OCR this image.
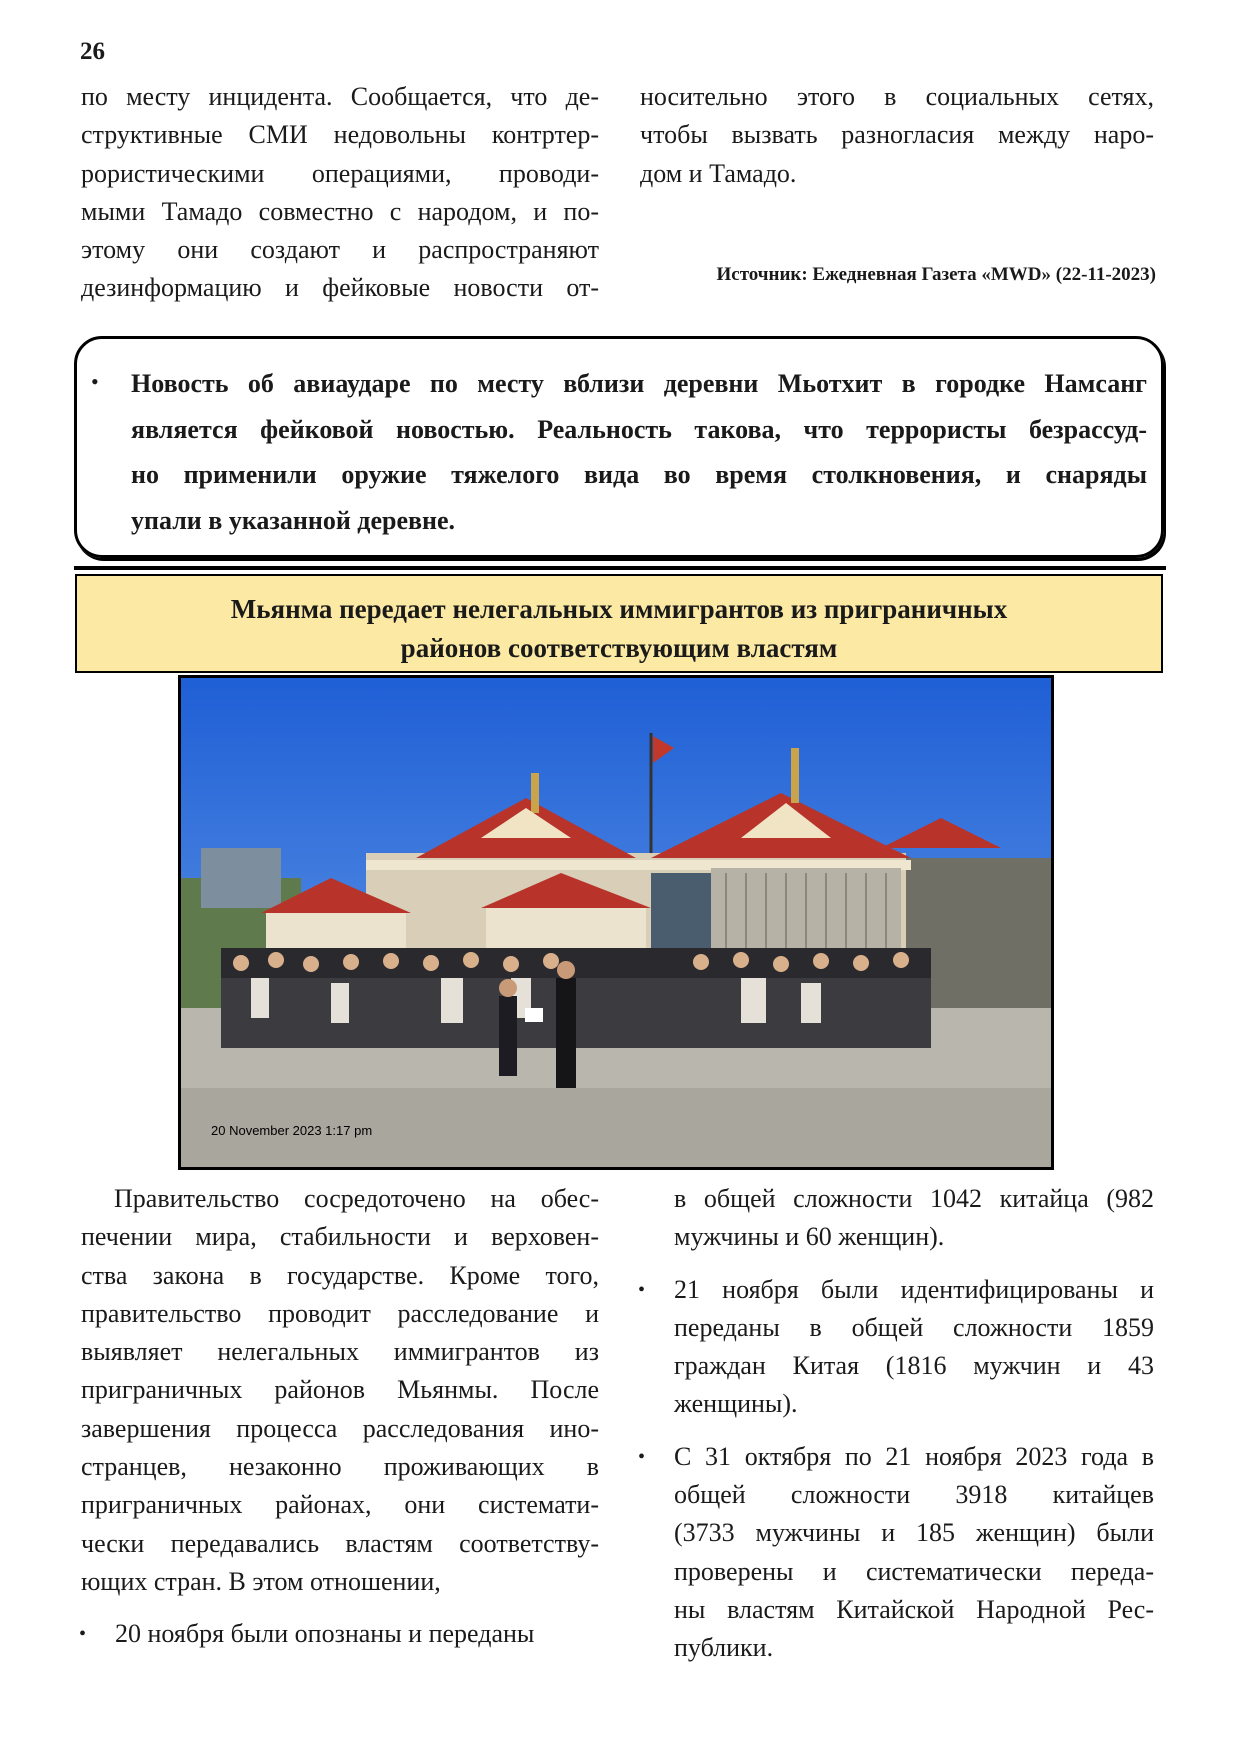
26
по месту инцидента. Сообщается, что де-
структивные СМИ недовольны контртер-
рористическими операциями, проводи-
мыми Тамадо совместно с народом, и по-
этому они создают и распространяют
дезинформацию и фейковые новости от-
носительно этого в социальных сетях,
чтобы вызвать разногласия между наро-
дом и Тамадо.
Источник: Ежедневная Газета «MWD» (22-11-2023)
• Новость об авиаударе по месту вблизи деревни Мьотхит в городке Намсанг
является фейковой новостью. Реальность такова, что террористы безрассуд-
но применили оружие тяжелого вида во время столкновения, и снаряды
упали в указанной деревне.
Мьянма передает нелегальных иммигрантов из приграничных
районов соответствующим властям
20 November 2023 1:17 pm
Правительство сосредоточено на обес-
печении мира, стабильности и верховен-
ства закона в государстве. Кроме того,
правительство проводит расследование и
выявляет нелегальных иммигрантов из
приграничных районов Мьянмы. После
завершения процесса расследования ино-
странцев, незаконно проживающих в
приграничных районах, они системати-
чески передавались властям соответству-
ющих стран. В этом отношении,
• 20 ноября были опознаны и переданы
в общей сложности 1042 китайца (982
мужчины и 60 женщин).
• 21 ноября были идентифицированы и
переданы в общей сложности 1859
граждан Китая (1816 мужчин и 43
женщины).
• С 31 октября по 21 ноября 2023 года в
общей сложности 3918 китайцев
(3733 мужчины и 185 женщин) были
проверены и систематически переда-
ны властям Китайской Народной Рес-
публики.
